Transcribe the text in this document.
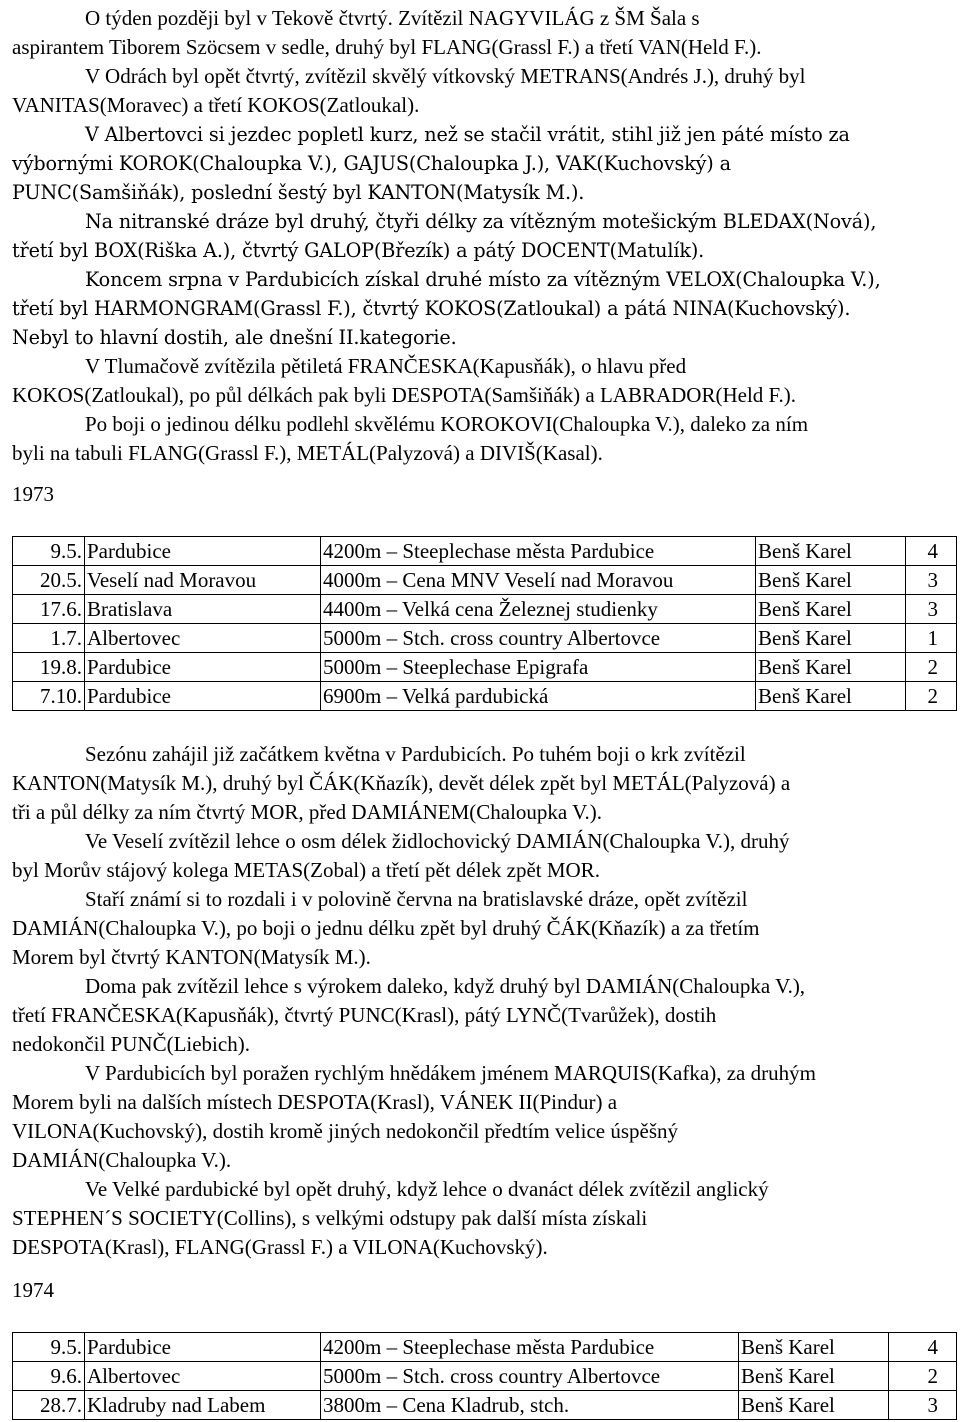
O týden později byl v Tekově čtvrtý. Zvítězil NAGYVILÁG z ŠM Šala s
aspirantem Tiborem Szöcsem v sedle, druhý byl FLANG(Grassl F.) a třetí VAN(Held F.).

V Odrách byl opět čtvrtý, zvítězil skvělý vítkovský METRANS(Andrés J.), druhý byl
VANITAS(Moravec) a třetí KOKOS(Zatloukal).

V Albertovci si jezdec popletl kurz, než se stačil vrátit, stihl již jen páté místo za
výbornými KOROK(Chaloupka V.), GAJUS(Chaloupka J.), VAK(Kuchovský) a
PUNC(Samšiňák), poslední šestý byl KANTON(Matysík M.).

Na nitranské dráze byl druhý, čtyři délky za vítězným motešickým BLEDAX(Nová),
třetí byl BOX(Riška A.), čtvrtý GALOP(Březík) a pátý DOCENT(Matulík).

Koncem srpna v Pardubicích získal druhé místo za vítězným VELOX(Chaloupka V.),
třetí byl HARMONGRAM(Grassl F.), čtvrtý KOKOS(Zatloukal) a pátá NINA(Kuchovský).
Nebyl to hlavní dostih, ale dnešní II.kategorie.

V Tlumačově zvítězila pětiletá FRANČESKA(Kapusňák), o hlavu před
KOKOS(Zatloukal), po půl délkách pak byli DESPOTA(Samšiňák) a LABRADOR(Held F.).

Po boji o jedinou délku podlehl skvělému KOROKOVI(Chaloupka V.), daleko za ním
byli na tabuli FLANG(Grassl F.), METÁL(Palyzová) a DIVIŠ(Kasal).

1973

9.5.	Pardubice	4200m – Steeplechase města Pardubice	Benš Karel	4
20.5.	Veselí nad Moravou	4000m – Cena MNV Veselí nad Moravou	Benš Karel	3
17.6.	Bratislava	4400m – Velká cena Železnej studienky	Benš Karel	3
1.7.	Albertovec	5000m – Stch. cross country Albertovce	Benš Karel	1
19.8.	Pardubice	5000m – Steeplechase Epigrafa	Benš Karel	2
7.10.	Pardubice	6900m – Velká pardubická	Benš Karel	2

Sezónu zahájil již začátkem května v Pardubicích. Po tuhém boji o krk zvítězil
KANTON(Matysík M.), druhý byl ČÁK(Kňazík), devět délek zpět byl METÁL(Palyzová) a
tři a půl délky za ním čtvrtý MOR, před DAMIÁNEM(Chaloupka V.).

Ve Veselí zvítězil lehce o osm délek židlochovický DAMIÁN(Chaloupka V.), druhý
byl Morův stájový kolega METAS(Zobal) a třetí pět délek zpět MOR.

Staří známí si to rozdali i v polovině června na bratislavské dráze, opět zvítězil
DAMIÁN(Chaloupka V.), po boji o jednu délku zpět byl druhý ČÁK(Kňazík) a za třetím
Morem byl čtvrtý KANTON(Matysík M.).

Doma pak zvítězil lehce s výrokem daleko, když druhý byl DAMIÁN(Chaloupka V.),
třetí FRANČESKA(Kapusňák), čtvrtý PUNC(Krasl), pátý LYNČ(Tvarůžek), dostih
nedokončil PUNČ(Liebich).

V Pardubicích byl poražen rychlým hnědákem jménem MARQUIS(Kafka), za druhým
Morem byli na dalších místech DESPOTA(Krasl), VÁNEK II(Pindur) a
VILONA(Kuchovský), dostih kromě jiných nedokončil předtím velice úspěšný
DAMIÁN(Chaloupka V.).

Ve Velké pardubické byl opět druhý, když lehce o dvanáct délek zvítězil anglický
STEPHEN´S SOCIETY(Collins), s velkými odstupy pak další místa získali
DESPOTA(Krasl), FLANG(Grassl F.) a VILONA(Kuchovský).

1974

9.5.	Pardubice	4200m – Steeplechase města Pardubice	Benš Karel	4
9.6.	Albertovec	5000m – Stch. cross country Albertovce	Benš Karel	2
28.7.	Kladruby nad Labem	3800m – Cena Kladrub, stch.	Benš Karel	3
